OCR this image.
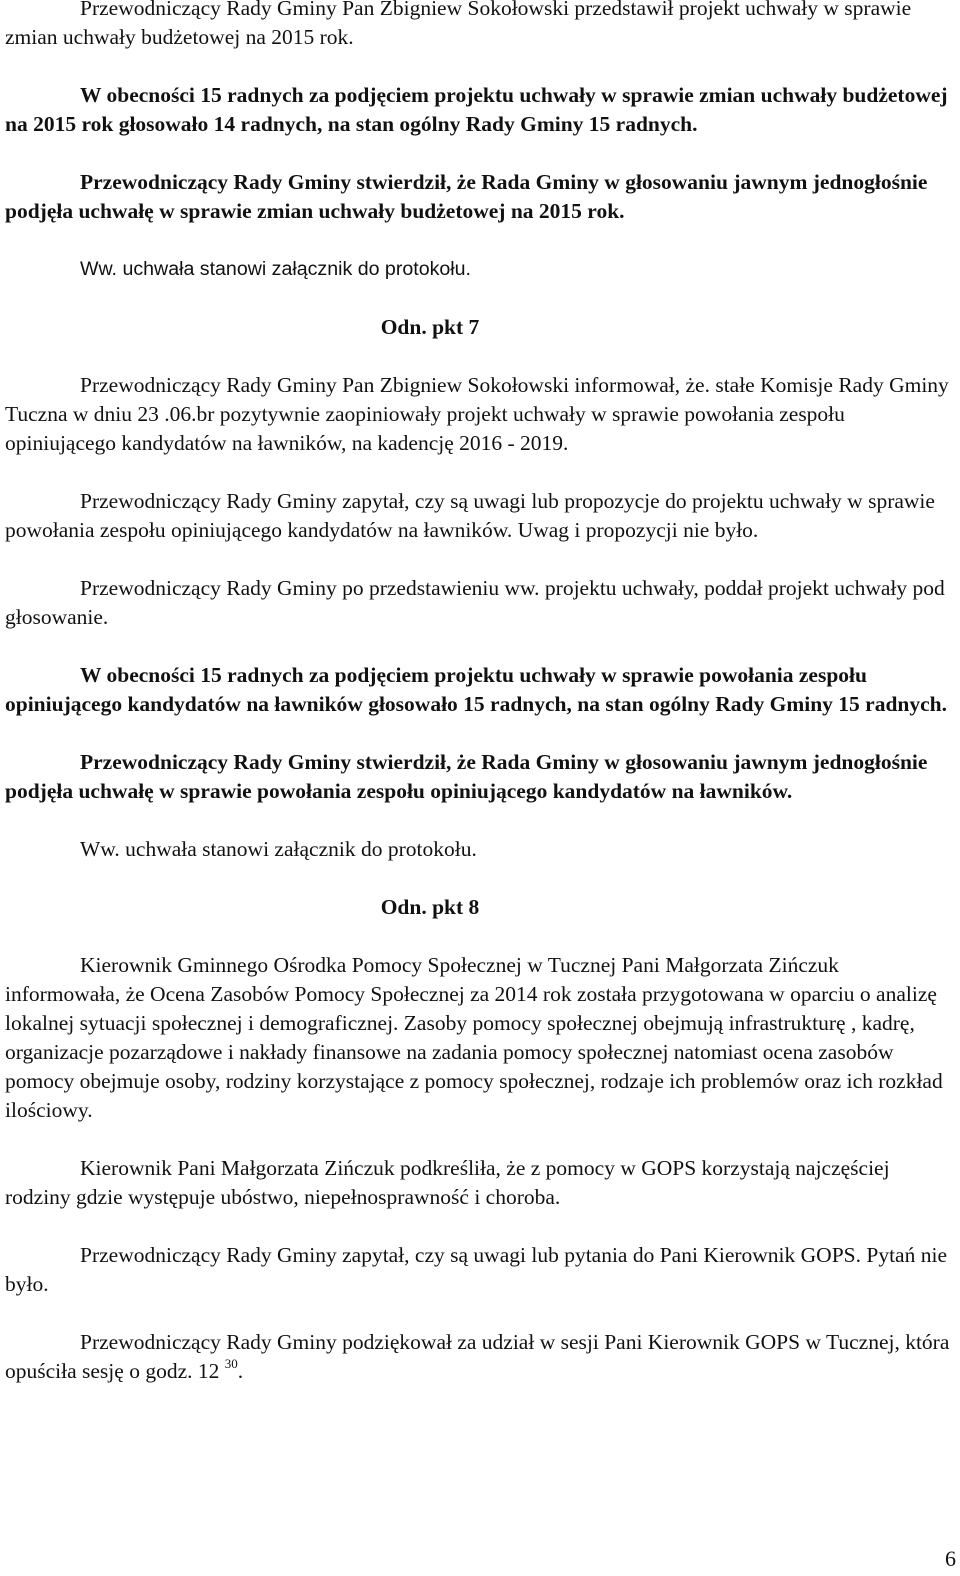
Przewodniczący Rady Gminy Pan Zbigniew Sokołowski przedstawił projekt uchwały w sprawie zmian uchwały budżetowej na 2015 rok.

W obecności 15 radnych za podjęciem projektu uchwały w sprawie zmian uchwały budżetowej na 2015 rok głosowało 14 radnych, na stan ogólny Rady Gminy 15 radnych.

Przewodniczący Rady Gminy stwierdził, że Rada Gminy w głosowaniu jawnym jednogłośnie podjęła uchwałę w sprawie zmian uchwały budżetowej na 2015 rok.

Ww. uchwała stanowi załącznik do protokołu.

Odn. pkt 7

Przewodniczący Rady Gminy Pan Zbigniew Sokołowski informował, że. stałe Komisje Rady Gminy Tuczna w dniu 23 .06.br pozytywnie zaopiniowały projekt uchwały w sprawie powołania zespołu opiniującego kandydatów na ławników, na kadencję 2016 - 2019.

Przewodniczący Rady Gminy zapytał, czy są uwagi lub propozycje do projektu uchwały w sprawie powołania zespołu opiniującego kandydatów na ławników. Uwag i propozycji nie było.

Przewodniczący Rady Gminy po przedstawieniu ww. projektu uchwały, poddał projekt uchwały pod głosowanie.

W obecności 15 radnych za podjęciem projektu uchwały w sprawie powołania zespołu opiniującego kandydatów na ławników głosowało 15 radnych, na stan ogólny Rady Gminy 15 radnych.

Przewodniczący Rady Gminy stwierdził, że Rada Gminy w głosowaniu jawnym jednogłośnie podjęła uchwałę w sprawie powołania zespołu opiniującego kandydatów na ławników.

Ww. uchwała stanowi załącznik do protokołu.

Odn. pkt 8

Kierownik Gminnego Ośrodka Pomocy Społecznej w Tucznej Pani Małgorzata Zińczuk informowała, że Ocena Zasobów Pomocy Społecznej za 2014 rok została przygotowana w oparciu o analizę lokalnej sytuacji społecznej i demograficznej. Zasoby pomocy społecznej obejmują infrastrukturę , kadrę, organizacje pozarządowe i nakłady finansowe na zadania pomocy społecznej natomiast ocena zasobów pomocy obejmuje osoby, rodziny korzystające z pomocy społecznej, rodzaje ich problemów oraz ich rozkład ilościowy.

Kierownik Pani Małgorzata Zińczuk podkreśliła, że z pomocy w GOPS korzystają najczęściej rodziny gdzie występuje ubóstwo, niepełnosprawność i choroba.

Przewodniczący Rady Gminy zapytał, czy są uwagi lub pytania do Pani Kierownik GOPS. Pytań nie było.

Przewodniczący Rady Gminy podziękował za udział w sesji Pani Kierownik GOPS w Tucznej, która opuściła sesję o godz. 12 $^{30}$.

6
